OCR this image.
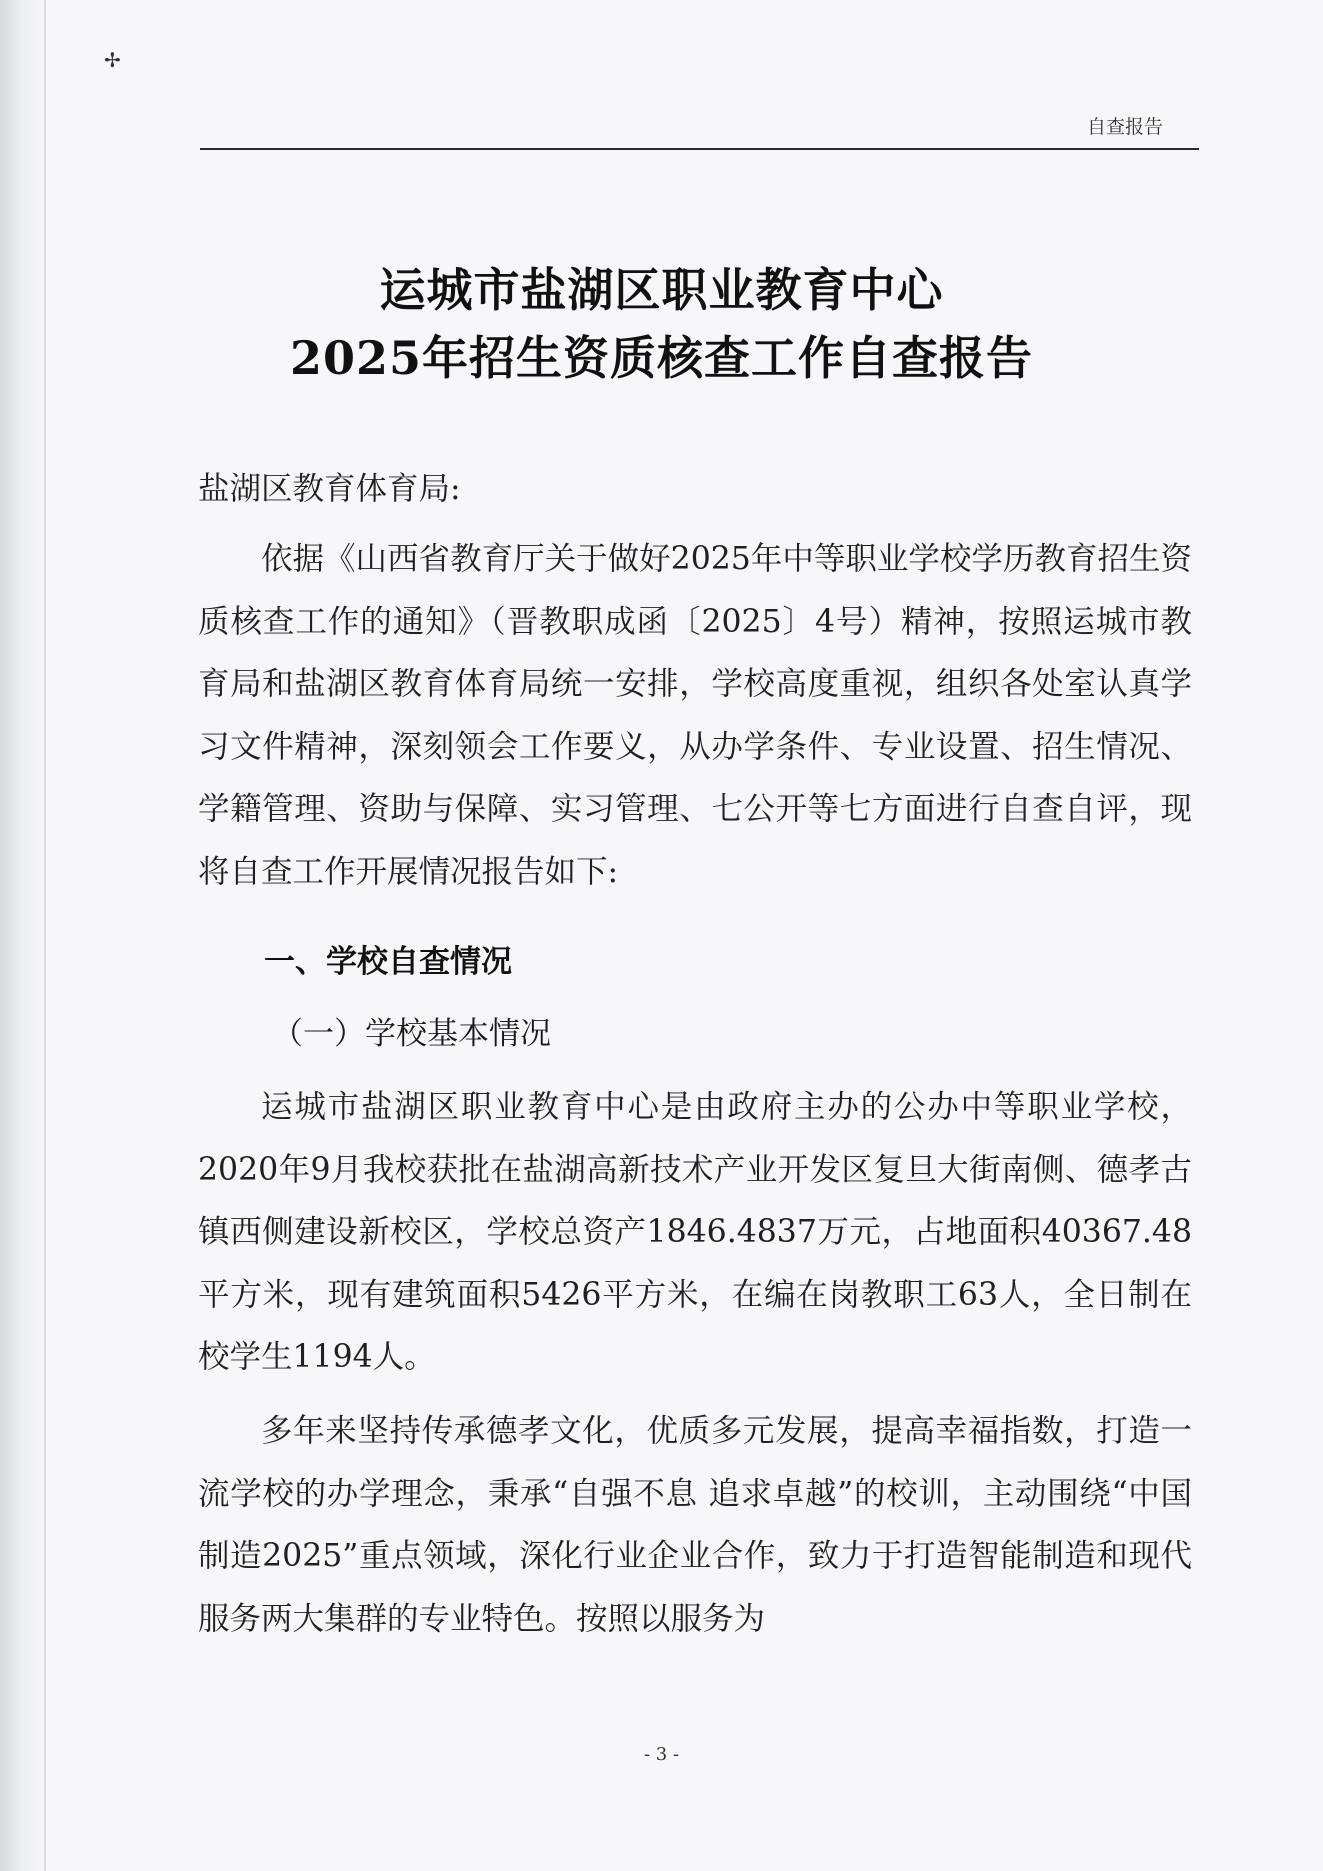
✢
自查报告
运城市盐湖区职业教育中心
2025年招生资质核查工作自查报告
盐湖区教育体育局:
依据《山西省教育厅关于做好2025年中等职业学校学历教育招生资质核查工作的通知》（晋教职成函〔2025〕4号）精神，按照运城市教育局和盐湖区教育体育局统一安排，学校高度重视，组织各处室认真学习文件精神，深刻领会工作要义，从办学条件、专业设置、招生情况、学籍管理、资助与保障、实习管理、七公开等七方面进行自查自评，现将自查工作开展情况报告如下:
一、学校自查情况
（一）学校基本情况
运城市盐湖区职业教育中心是由政府主办的公办中等职业学校，2020年9月我校获批在盐湖高新技术产业开发区复旦大街南侧、德孝古镇西侧建设新校区，学校总资产1846.4837万元，占地面积40367.48平方米，现有建筑面积5426平方米，在编在岗教职工63人，全日制在校学生1194人。
多年来坚持传承德孝文化，优质多元发展，提高幸福指数，打造一流学校的办学理念，秉承“自强不息 追求卓越”的校训，主动围绕“中国制造2025”重点领域，深化行业企业合作，致力于打造智能制造和现代服务两大集群的专业特色。按照以服务为
- 3 -
